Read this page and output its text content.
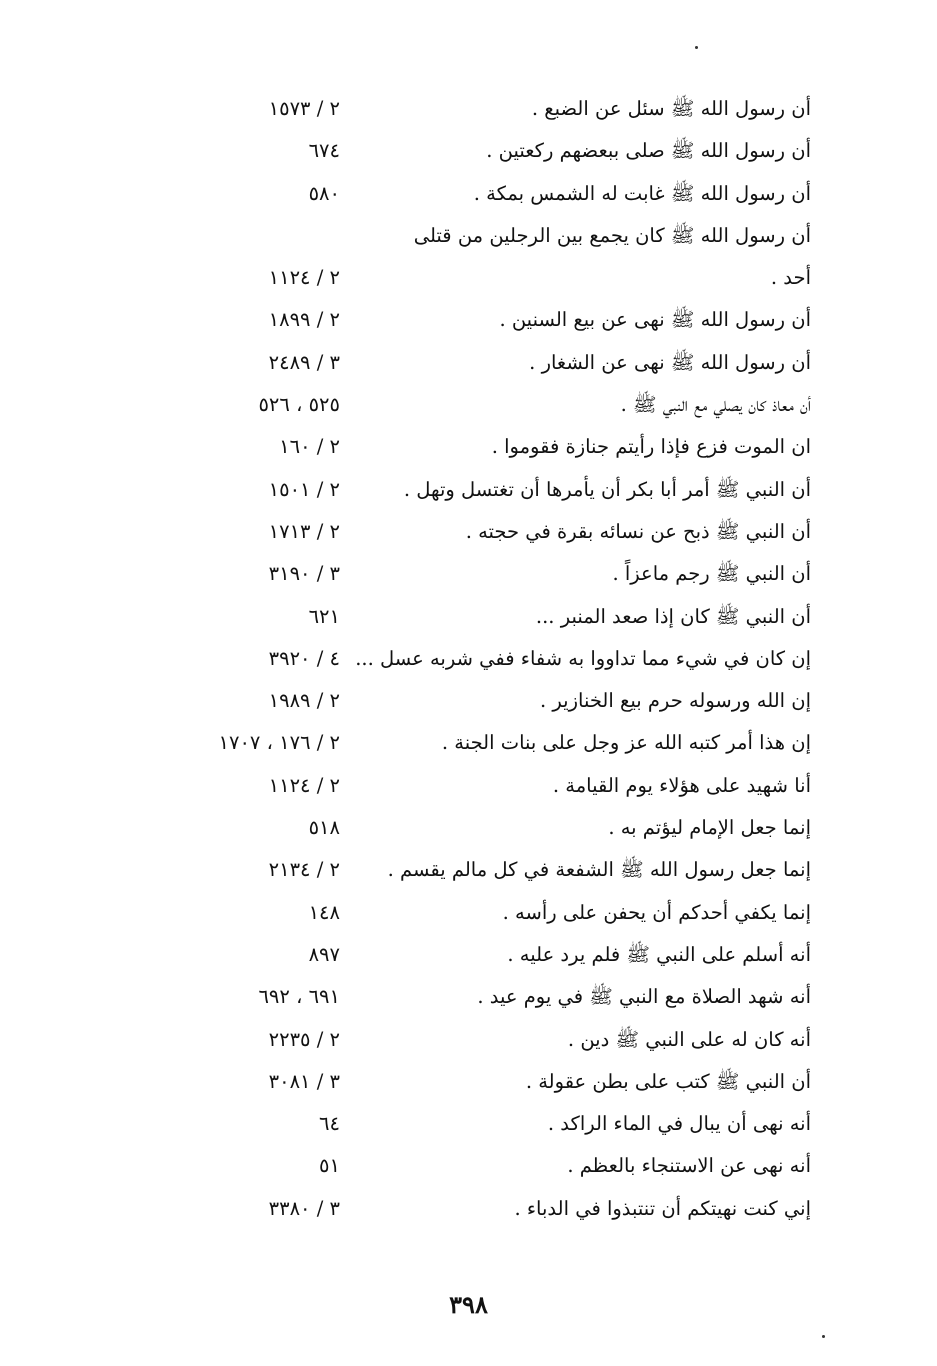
أن رسول الله ﷺ سئل عن الضبع .
٢ / ١٥٧٣
أن رسول الله ﷺ صلى ببعضهم ركعتين .
٦٧٤
أن رسول الله ﷺ غابت له الشمس بمكة .
٥٨٠
أن رسول الله ﷺ كان يجمع بين الرجلين من قتلى
أحد .
٢ / ١١٢٤
أن رسول الله ﷺ نهى عن بيع السنين .
٢ / ١٨٩٩
أن رسول الله ﷺ نهى عن الشغار .
٣ / ٢٤٨٩
أن معاذ كان يصلي مع النبي ﷺ .
٥٢٥ ، ٥٢٦
ان الموت فزع فإذا رأيتم جنازة فقوموا .
٢ / ١٦٠
أن النبي ﷺ أمر أبا بكر أن يأمرها أن تغتسل وتهل .
٢ / ١٥٠١
أن النبي ﷺ ذبح عن نسائه بقرة في حجته .
٢ / ١٧١٣
أن النبي ﷺ رجم ماعزاً .
٣ / ٣١٩٠
أن النبي ﷺ كان إذا صعد المنبر ...
٦٢١
إن كان في شيء مما تداووا به شفاء ففي شربه عسل ...
٤ / ٣٩٢٠
إن الله ورسوله حرم بيع الخنازير .
٢ / ١٩٨٩
إن هذا أمر كتبه الله عز وجل على بنات الجنة .
٢ / ١٧٦ ، ١٧٠٧
أنا شهيد على هؤلاء يوم القيامة .
٢ / ١١٢٤
إنما جعل الإمام ليؤتم به .
٥١٨
إنما جعل رسول الله ﷺ الشفعة في كل مالم يقسم .
٢ / ٢١٣٤
إنما يكفي أحدكم أن يحفن على رأسه .
١٤٨
أنه أسلم على النبي ﷺ فلم يرد عليه .
٨٩٧
أنه شهد الصلاة مع النبي ﷺ في يوم عيد .
٦٩١ ، ٦٩٢
أنه كان له على النبي ﷺ دين .
٢ / ٢٢٣٥
أن النبي ﷺ كتب على بطن عقولة .
٣ / ٣٠٨١
أنه نهى أن يبال في الماء الراكد .
٦٤
أنه نهى عن الاستنجاء بالعظم .
٥١
إني كنت نهيتكم أن تنتبذوا في الدباء .
٣ / ٣٣٨٠
٣٩٨
